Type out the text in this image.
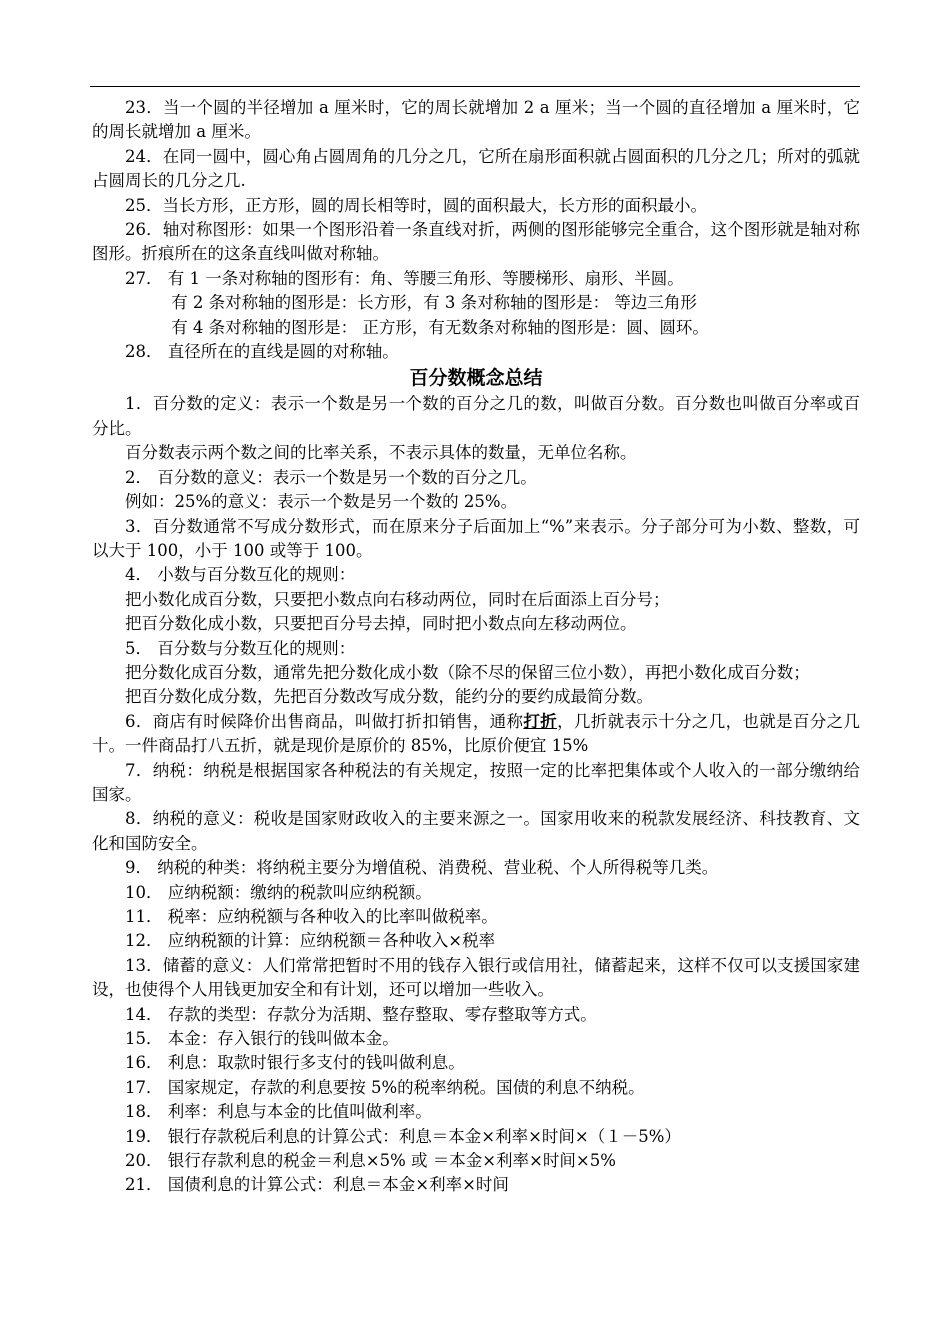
23．当一个圆的半径增加 a 厘米时，它的周长就增加 2 a 厘米；当一个圆的直径增加 a 厘米时，它的周长就增加 a 厘米。

24．在同一圆中，圆心角占圆周角的几分之几，它所在扇形面积就占圆面积的几分之几；所对的弧就占圆周长的几分之几.

25．当长方形，正方形，圆的周长相等时，圆的面积最大，长方形的面积最小。

26．轴对称图形：如果一个图形沿着一条直线对折，两侧的图形能够完全重合，这个图形就是轴对称图形。折痕所在的这条直线叫做对称轴。

27． 有 1 一条对称轴的图形有：角、等腰三角形、等腰梯形、扇形、半圆。

有 2 条对称轴的图形是：长方形，有 3 条对称轴的图形是： 等边三角形

有 4 条对称轴的图形是： 正方形，有无数条对称轴的图形是：圆、圆环。

28． 直径所在的直线是圆的对称轴。

百分数概念总结

1．百分数的定义：表示一个数是另一个数的百分之几的数，叫做百分数。百分数也叫做百分率或百分比。

百分数表示两个数之间的比率关系，不表示具体的数量，无单位名称。

2． 百分数的意义：表示一个数是另一个数的百分之几。

例如：25%的意义：表示一个数是另一个数的 25%。

3．百分数通常不写成分数形式，而在原来分子后面加上“%”来表示。分子部分可为小数、整数，可以大于 100，小于 100 或等于 100。

4． 小数与百分数互化的规则：

把小数化成百分数，只要把小数点向右移动两位，同时在后面添上百分号；

把百分数化成小数，只要把百分号去掉，同时把小数点向左移动两位。

5． 百分数与分数互化的规则：

把分数化成百分数，通常先把分数化成小数（除不尽的保留三位小数），再把小数化成百分数；

把百分数化成分数，先把百分数改写成分数，能约分的要约成最简分数。

6．商店有时候降价出售商品，叫做打折扣销售，通称打折，几折就表示十分之几，也就是百分之几十。一件商品打八五折，就是现价是原价的 85%，比原价便宜 15%

7．纳税：纳税是根据国家各种税法的有关规定，按照一定的比率把集体或个人收入的一部分缴纳给国家。

8．纳税的意义：税收是国家财政收入的主要来源之一。国家用收来的税款发展经济、科技教育、文化和国防安全。

9． 纳税的种类：将纳税主要分为增值税、消费税、营业税、个人所得税等几类。

10． 应纳税额：缴纳的税款叫应纳税额。

11． 税率：应纳税额与各种收入的比率叫做税率。

12． 应纳税额的计算：应纳税额＝各种收入×税率

13．储蓄的意义：人们常常把暂时不用的钱存入银行或信用社，储蓄起来，这样不仅可以支援国家建设，也使得个人用钱更加安全和有计划，还可以增加一些收入。

14． 存款的类型：存款分为活期、整存整取、零存整取等方式。

15． 本金：存入银行的钱叫做本金。

16． 利息：取款时银行多支付的钱叫做利息。

17． 国家规定，存款的利息要按 5%的税率纳税。国债的利息不纳税。

18． 利率：利息与本金的比值叫做利率。

19． 银行存款税后利息的计算公式：利息＝本金×利率×时间×（１－5%）

20． 银行存款利息的税金＝利息×5% 或 ＝本金×利率×时间×5%

21． 国债利息的计算公式：利息＝本金×利率×时间
